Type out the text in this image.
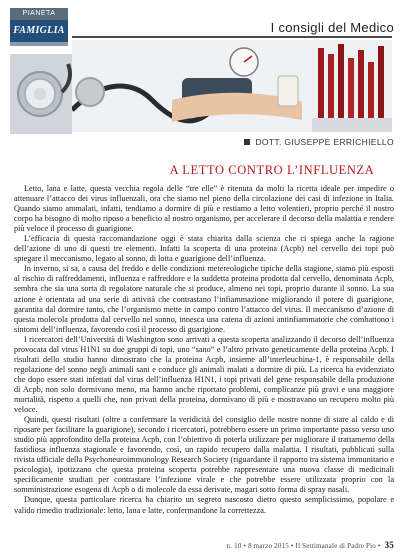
PIANETA
FAMIGLIA	I consigli del Medico
DOTT. GIUSEPPE ERRICHIELLO
A LETTO CONTRO L’INFLUENZA

Letto, lana e latte, questa vecchia regola delle “tre elle” è ritenuta da molti la ricetta ideale per impedire o attenuare l’attacco dei virus influenzali, ora che siamo nel pieno della circolazione dei casi di infezione in Italia. Quando siamo ammalati, infatti, tendiamo a dormire di più e restiamo a letto volentieri, proprio perché il nostro corpo ha bisogno di molto riposo a beneficio al nostro organismo, per accelerare il decorso della malattia e rendere più veloce il processo di guarigione.

L’efficacia di questa raccomandazione oggi è stata chiarita dalla scienza che ci spiega anche la ragione dell’azione di uno di questi tre elementi. Infatti la scoperta di una proteina (Acpb) nel cervello dei topi può spiegare il meccanismo, legato al sonno, di lotta e guarigione dell’influenza.

In inverno, si sa, a causa del freddo e delle condizioni metereologiche tipiche della stagione, siamo più esposti al rischio di raffreddamenti, influenza e raffreddore e la suddetta proteina prodotta dal cervello, denominata Acpb, sembra che sia una sorta di regolatore naturale che si produce, almeno nei topi, proprio durante il sonno. La sua azione è orientata ad una serie di attività che contrastano l’infiammazione migliorando il potere di guarigione, garantita dal dormire tanto, che l’organismo mette in campo contro l’attacco del virus. Il meccanismo d’azione di questa molecola prodotta dal cervello nel sonno, innesca una catena di azioni antinfiammatorie che combattono i sintomi dell’influenza, favorendo così il processo di guarigione.

I ricercatori dell’Università di Washington sono arrivati a questa scoperta analizzando il decorso dell’influenza provocata dal virus H1N1 su due gruppi di topi, uno “sano” e l’altro privato geneticamente della proteina Acpb. I risultati dello studio hanno dimostrato che la proteina Acpb, insieme all’interleuchina-1, è responsabile della regolazione del sonno negli animali sani e conduce gli animali malati a dormire di più. La ricerca ha evidenziato che dopo essere stati infettati dal virus dell’influenza H1N1, i topi privati del gene responsabile della produzione di Acpb, non solo dormivano meno, ma hanno anche riportato problemi, complicanze più gravi e una maggiore mortalità, rispetto a quelli che, non privati della proteina, dormivano di più e mostravano un recupero molto più veloce.

Quindi, questi risultati (oltre a confermare la veridicità del consiglio delle nostre nonne di stare al caldo e di riposare per facilitare la guarigione), secondo i ricercatori, potrebbero essere un primo importante passo verso uno studio più approfondito della proteina Acpb, con l’obiettivo di poterla utilizzare per migliorare il trattamento della fastidiosa influenza stagionale e favorendo, così, un rapido recupero dalla malattia. I risultati, pubblicati sulla rivista ufficiale della Psychoneuroimmunology Research Society (riguardante il rapporto tra sistema immunitario e psicologia), ipotizzano che questa proteina scoperta potrebbe rappresentare una nuova classe di medicinali specificamente studiati per contrastare l’infezione virale e che potrebbe essere utilizzata proprio con la somministrazione esogena di Acpb o di molecole da essa derivate, magari sotto forma di spray nasali.

Dunque, questa particolare ricerca ha chiarito un segreto nascosto dietro questo semplicissimo, popolare e valido rimedio tradizionale: letto, lana e latte, confermandone la correttezza.

n. 10 • 8 marzo 2015 • Il Settimanale di Padre Pio • 35
